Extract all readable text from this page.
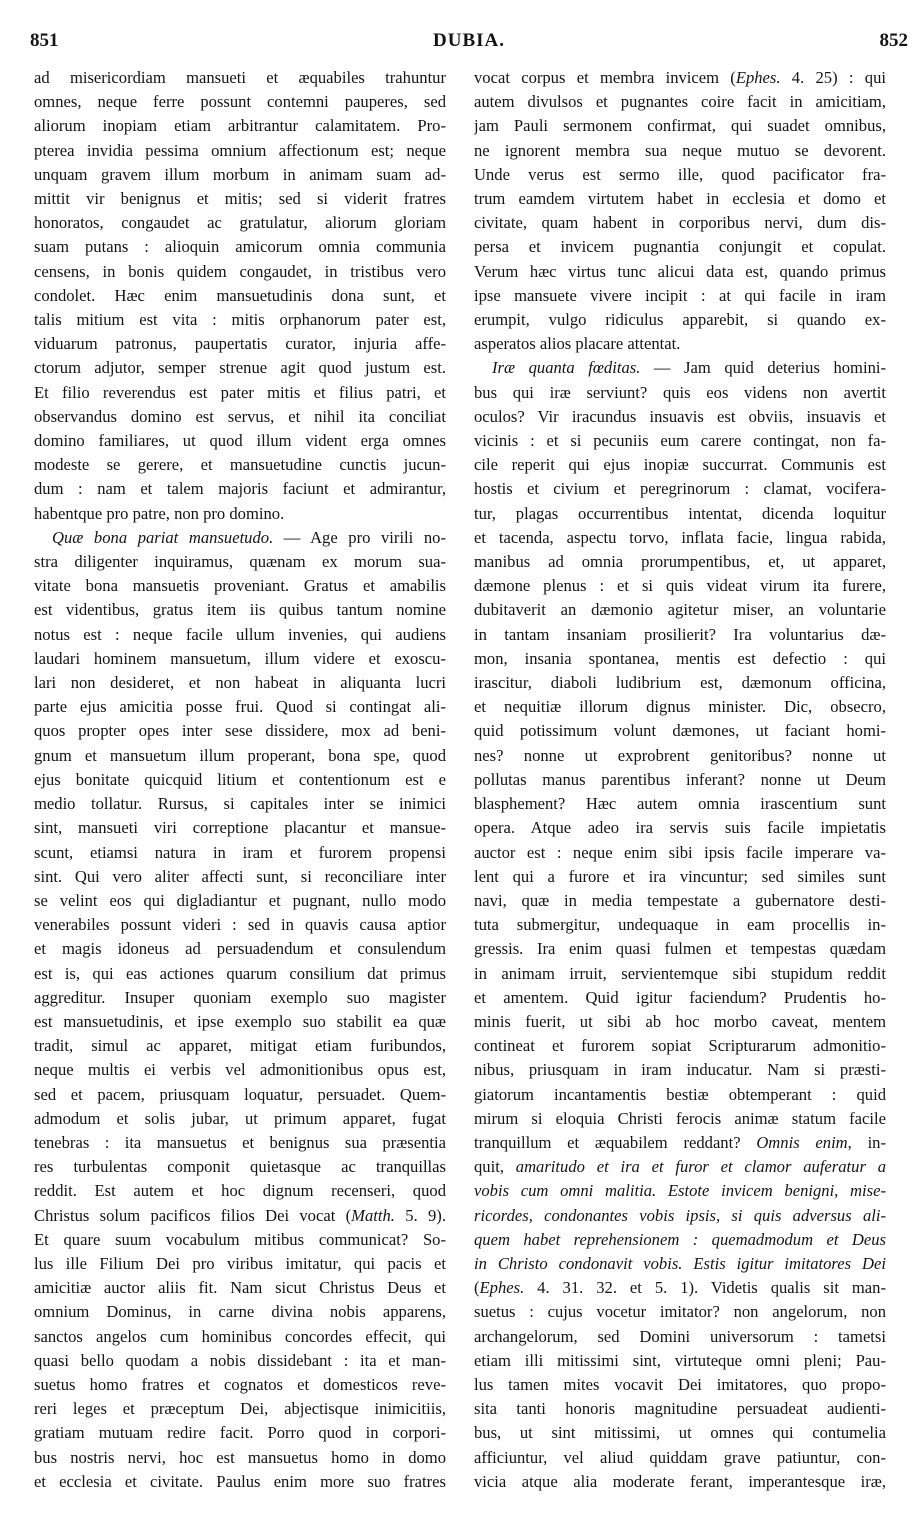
851	DUBIA.	852
ad misericordiam mansueti et æquabiles trahuntur
omnes, neque ferre possunt contemni pauperes, sed
aliorum inopiam etiam arbitrantur calamitatem. Pro-
pterea invidia pessima omnium affectionum est; neque
unquam gravem illum morbum in animam suam ad-
mittit vir benignus et mitis; sed si viderit fratres
honoratos, congaudet ac gratulatur, aliorum gloriam
suam putans : alioquin amicorum omnia communia
censens, in bonis quidem congaudet, in tristibus vero
condolet. Hæc enim mansuetudinis dona sunt, et
talis mitium est vita : mitis orphanorum pater est,
viduarum patronus, paupertatis curator, injuria affe-
ctorum adjutor, semper strenue agit quod justum est.
Et filio reverendus est pater mitis et filius patri, et
observandus domino est servus, et nihil ita conciliat
domino familiares, ut quod illum vident erga omnes
modeste se gerere, et mansuetudine cunctis jucun-
dum : nam et talem majoris faciunt et admirantur,
habentque pro patre, non pro domino.
Quæ bona pariat mansuetudo. — Age pro virili no-
stra diligenter inquiramus, quænam ex morum sua-
vitate bona mansuetis proveniant. Gratus et amabilis
est videntibus, gratus item iis quibus tantum nomine
notus est : neque facile ullum invenies, qui audiens
laudari hominem mansuetum, illum videre et exoscu-
lari non desideret, et non habeat in aliquanta lucri
parte ejus amicitia posse frui. Quod si contingat ali-
quos propter opes inter sese dissidere, mox ad beni-
gnum et mansuetum illum properant, bona spe, quod
ejus bonitate quicquid litium et contentionum est e
medio tollatur. Rursus, si capitales inter se inimici
sint, mansueti viri correptione placantur et mansue-
scunt, etiamsi natura in iram et furorem propensi
sint. Qui vero aliter affecti sunt, si reconciliare inter
se velint eos qui digladiantur et pugnant, nullo modo
venerabiles possunt videri : sed in quavis causa aptior
et magis idoneus ad persuadendum et consulendum
est is, qui eas actiones quarum consilium dat primus
aggreditur. Insuper quoniam exemplo suo magister
est mansuetudinis, et ipse exemplo suo stabilit ea quæ
tradit, simul ac apparet, mitigat etiam furibundos,
neque multis ei verbis vel admonitionibus opus est,
sed et pacem, priusquam loquatur, persuadet. Quem-
admodum et solis jubar, ut primum apparet, fugat
tenebras : ita mansuetus et benignus sua præsentia
res turbulentas componit quietasque ac tranquillas
reddit. Est autem et hoc dignum recenseri, quod
Christus solum pacificos filios Dei vocat (Matth. 5. 9).
Et quare suum vocabulum mitibus communicat? So-
lus ille Filium Dei pro viribus imitatur, qui pacis et
amicitiæ auctor aliis fit. Nam sicut Christus Deus et
omnium Dominus, in carne divina nobis apparens,
sanctos angelos cum hominibus concordes effecit, qui
quasi bello quodam a nobis dissidebant : ita et man-
suetus homo fratres et cognatos et domesticos reve-
reri leges et præceptum Dei, abjectisque inimicitiis,
gratiam mutuam redire facit. Porro quod in corpori-
bus nostris nervi, hoc est mansuetus homo in domo
et ecclesia et civitate. Paulus enim more suo fratres
vocat corpus et membra invicem (Ephes. 4. 25) : qui
autem divulsos et pugnantes coire facit in amicitiam,
jam Pauli sermonem confirmat, qui suadet omnibus,
ne ignorent membra sua neque mutuo se devorent.
Unde verus est sermo ille, quod pacificator fra-
trum eamdem virtutem habet in ecclesia et domo et
civitate, quam habent in corporibus nervi, dum dis-
persa et invicem pugnantia conjungit et copulat.
Verum hæc virtus tunc alicui data est, quando primus
ipse mansuete vivere incipit : at qui facile in iram
erumpit, vulgo ridiculus apparebit, si quando ex-
asperatos alios placare attentat.
Iræ quanta fœditas. — Jam quid deterius homini-
bus qui iræ serviunt? quis eos videns non avertit
oculos? Vir iracundus insuavis est obviis, insuavis et
vicinis : et si pecuniis eum carere contingat, non fa-
cile reperit qui ejus inopiæ succurrat. Communis est
hostis et civium et peregrinorum : clamat, vocifera-
tur, plagas occurrentibus intentat, dicenda loquitur
et tacenda, aspectu torvo, inflata facie, lingua rabida,
manibus ad omnia prorumpentibus, et, ut apparet,
dæmone plenus : et si quis videat virum ita furere,
dubitaverit an dæmonio agitetur miser, an voluntarie
in tantam insaniam prosilierit? Ira voluntarius dæ-
mon, insania spontanea, mentis est defectio : qui
irascitur, diaboli ludibrium est, dæmonum officina,
et nequitiæ illorum dignus minister. Dic, obsecro,
quid potissimum volunt dæmones, ut faciant homi-
nes? nonne ut exprobrent genitoribus? nonne ut
pollutas manus parentibus inferant? nonne ut Deum
blasphement? Hæc autem omnia irascentium sunt
opera. Atque adeo ira servis suis facile impietatis
auctor est : neque enim sibi ipsis facile imperare va-
lent qui a furore et ira vincuntur; sed similes sunt
navi, quæ in media tempestate a gubernatore desti-
tuta submergitur, undequaque in eam procellis in-
gressis. Ira enim quasi fulmen et tempestas quædam
in animam irruit, servientemque sibi stupidum reddit
et amentem. Quid igitur faciendum? Prudentis ho-
minis fuerit, ut sibi ab hoc morbo caveat, mentem
contineat et furorem sopiat Scripturarum admonitio-
nibus, priusquam in iram inducatur. Nam si præsti-
giatorum incantamentis bestiæ obtemperant : quid
mirum si eloquia Christi ferocis animæ statum facile
tranquillum et æquabilem reddant? Omnis enim, in-
quit, amaritudo et ira et furor et clamor auferatur a
vobis cum omni malitia. Estote invicem benigni, mise-
ricordes, condonantes vobis ipsis, si quis adversus ali-
quem habet reprehensionem : quemadmodum et Deus
in Christo condonavit vobis. Estis igitur imitatores Dei
(Ephes. 4. 31. 32. et 5. 1). Videtis qualis sit man-
suetus : cujus vocetur imitator? non angelorum, non
archangelorum, sed Domini universorum : tametsi
etiam illi mitissimi sint, virtuteque omni pleni; Pau-
lus tamen mites vocavit Dei imitatores, quo propo-
sita tanti honoris magnitudine persuadeat audienti-
bus, ut sint mitissimi, ut omnes qui contumelia
afficiuntur, vel aliud quiddam grave patiuntur, con-
vicia atque alia moderate ferant, imperantesque iræ,
